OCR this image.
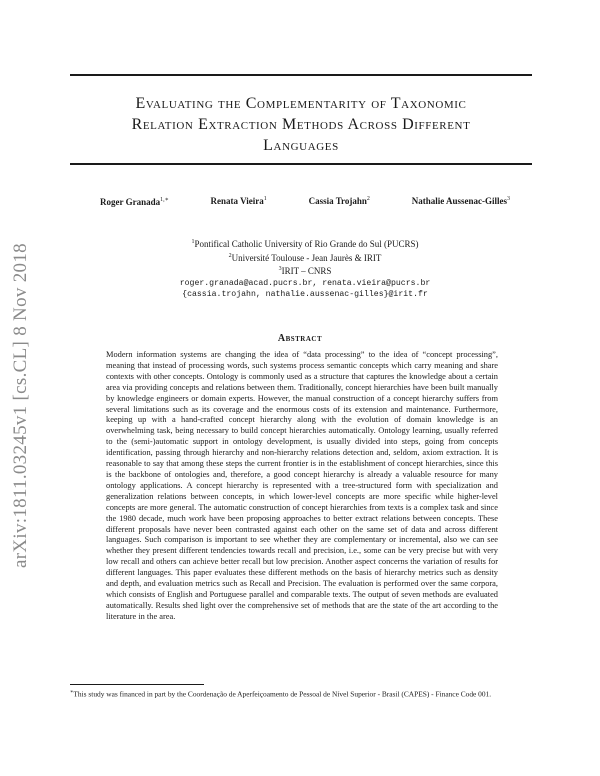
arXiv:1811.03245v1 [cs.CL] 8 Nov 2018
Evaluating the Complementarity of Taxonomic
Relation Extraction Methods Across Different
Languages
Roger Granada$^{1,∗}$	Renata Vieira$^1$	Cassia Trojahn$^2$	Nathalie Aussenac-Gilles$^3$
$^1$Pontifical Catholic University of Rio Grande do Sul (PUCRS)
$^2$Université Toulouse - Jean Jaurès & IRIT
$^3$IRIT – CNRS
roger.granada@acad.pucrs.br, renata.vieira@pucrs.br
{cassia.trojahn, nathalie.aussenac-gilles}@irit.fr
Abstract

Modern information systems are changing the idea of “data processing” to the idea of “concept processing”, meaning that instead of processing words, such systems process semantic concepts which carry meaning and share contexts with other concepts. Ontology is commonly used as a structure that captures the knowledge about a certain area via providing concepts and relations between them. Traditionally, concept hierarchies have been built manually by knowledge engineers or domain experts. However, the manual construction of a concept hierarchy suffers from several limitations such as its coverage and the enormous costs of its extension and maintenance. Furthermore, keeping up with a hand-crafted concept hierarchy along with the evolution of domain knowledge is an overwhelming task, being necessary to build concept hierarchies automatically. Ontology learning, usually referred to the (semi-)automatic support in ontology development, is usually divided into steps, going from concepts identification, passing through hierarchy and non-hierarchy relations detection and, seldom, axiom extraction. It is reasonable to say that among these steps the current frontier is in the establishment of concept hierarchies, since this is the backbone of ontologies and, therefore, a good concept hierarchy is already a valuable resource for many ontology applications. A concept hierarchy is represented with a tree-structured form with specialization and generalization relations between concepts, in which lower-level concepts are more specific while higher-level concepts are more general. The automatic construction of concept hierarchies from texts is a complex task and since the 1980 decade, much work have been proposing approaches to better extract relations between concepts. These different proposals have never been contrasted against each other on the same set of data and across different languages. Such comparison is important to see whether they are complementary or incremental, also we can see whether they present different tendencies towards recall and precision, i.e., some can be very precise but with very low recall and others can achieve better recall but low precision. Another aspect concerns the variation of results for different languages. This paper evaluates these different methods on the basis of hierarchy metrics such as density and depth, and evaluation metrics such as Recall and Precision. The evaluation is performed over the same corpora, which consists of English and Portuguese parallel and comparable texts. The output of seven methods are evaluated automatically. Results shed light over the comprehensive set of methods that are the state of the art according to the literature in the area.

∗This study was financed in part by the Coordenação de Aperfeiçoamento de Pessoal de Nível Superior - Brasil (CAPES) - Finance Code 001.
